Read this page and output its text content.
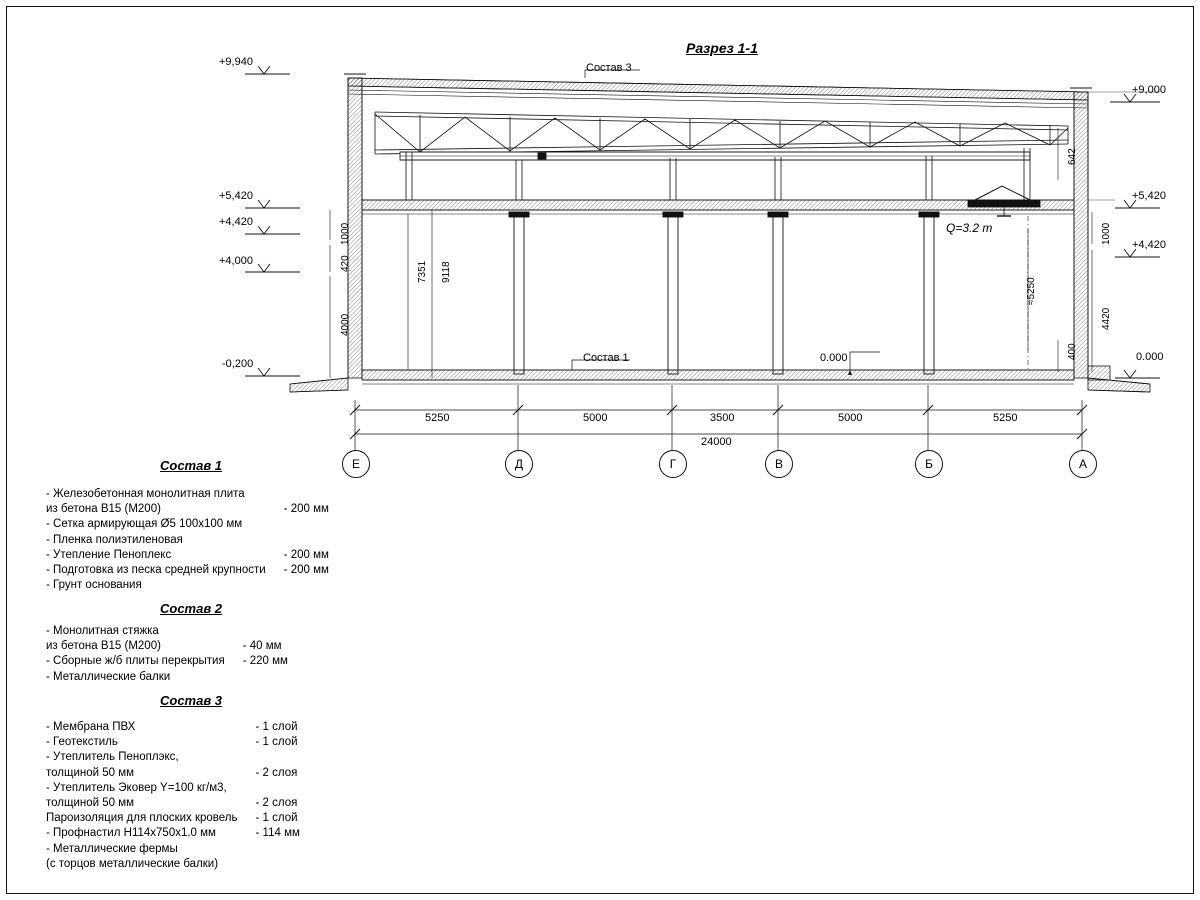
Разрез 1-1
+9,940
+5,420
+4,420
+4,000
-0,200
+9,000
+5,420
+4,420
0.000
1000
420
4000
7351 9118
642
1000
4420
400
≈5250
Состав 3
Состав 1
Q=3.2 т
0.000
5250	5000	3500	5000	5250
24000
Е	Д	Г	В	Б	А
Состав 1
- Железобетонная монолитная плита	
из бетона B15 (M200)	- 200 мм
- Сетка армирующая Ø5 100x100 мм	
- Пленка полиэтиленовая	
- Утепление Пеноплекс	- 200 мм
- Подготовка из песка средней крупности	- 200 мм
- Грунт основания	
Состав 2
- Монолитная стяжка	
из бетона B15 (M200)	- 40 мм
- Сборные ж/б плиты перекрытия	- 220 мм
- Металлические балки	
Состав 3
- Мембрана ПВХ	- 1 слой
- Геотекстиль	- 1 слой
- Утеплитель Пеноплэкс,	
толщиной 50 мм	- 2 слоя
- Утеплитель Эковер Y=100 кг/м3,	
толщиной 50 мм	- 2 слоя
Пароизоляция для плоских кровель	- 1 слой
- Профнастил H114x750x1.0 мм	- 114 мм
- Металлические фермы	
(с торцов металлические балки)	
